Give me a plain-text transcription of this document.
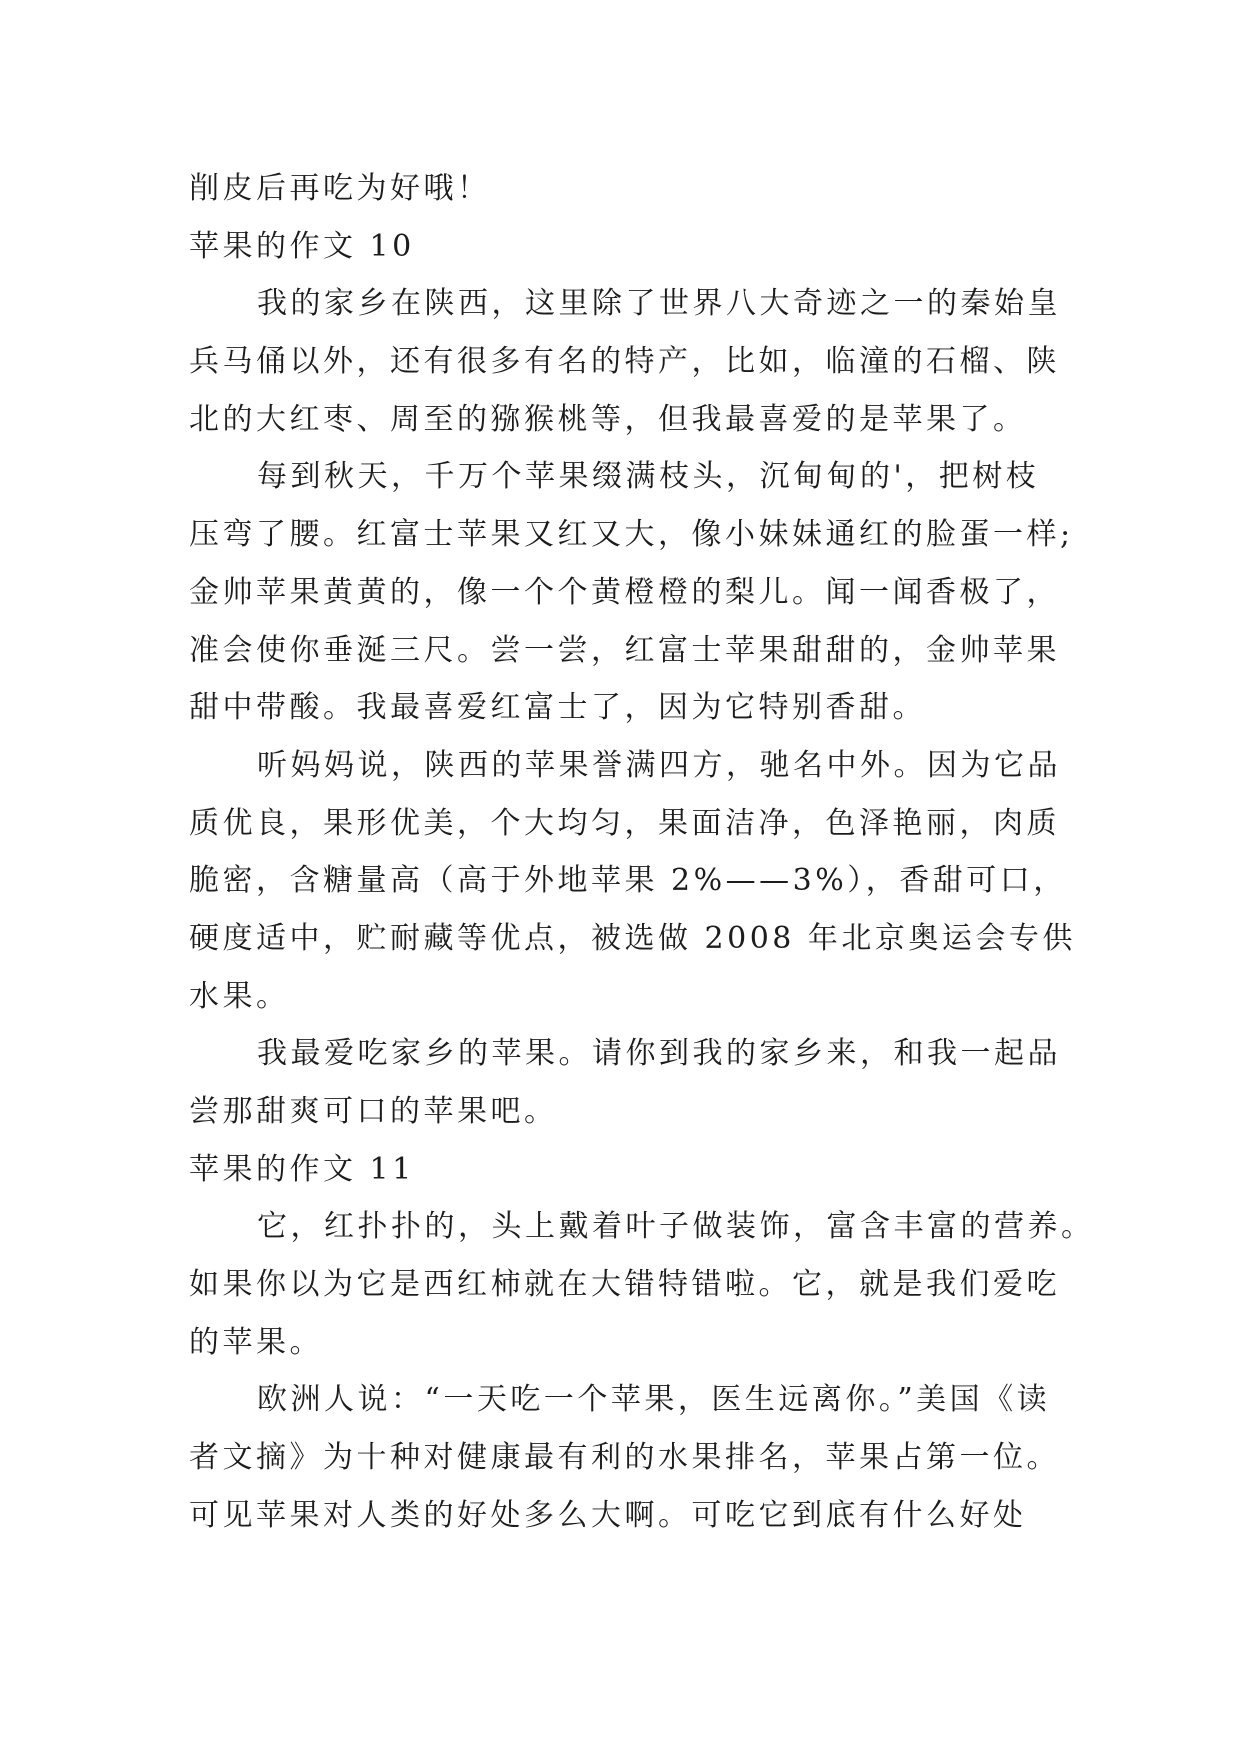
削皮后再吃为好哦！
苹果的作文 10
我的家乡在陕西，这里除了世界八大奇迹之一的秦始皇
兵马俑以外，还有很多有名的特产，比如，临潼的石榴、陕
北的大红枣、周至的猕猴桃等，但我最喜爱的是苹果了。
每到秋天，千万个苹果缀满枝头，沉甸甸的'，把树枝
压弯了腰。红富士苹果又红又大，像小妹妹通红的脸蛋一样;
金帅苹果黄黄的，像一个个黄橙橙的梨儿。闻一闻香极了，
准会使你垂涎三尺。尝一尝，红富士苹果甜甜的，金帅苹果
甜中带酸。我最喜爱红富士了，因为它特别香甜。
听妈妈说，陕西的苹果誉满四方，驰名中外。因为它品
质优良，果形优美，个大均匀，果面洁净，色泽艳丽，肉质
脆密，含糖量高（高于外地苹果 2%——3%），香甜可口，
硬度适中，贮耐藏等优点，被选做 2008 年北京奥运会专供
水果。
我最爱吃家乡的苹果。请你到我的家乡来，和我一起品
尝那甜爽可口的苹果吧。
苹果的作文 11
它，红扑扑的，头上戴着叶子做装饰，富含丰富的营养。
如果你以为它是西红柿就在大错特错啦。它，就是我们爱吃
的苹果。
欧洲人说：“一天吃一个苹果，医生远离你。”美国《读
者文摘》为十种对健康最有利的水果排名，苹果占第一位。
可见苹果对人类的好处多么大啊。可吃它到底有什么好处
